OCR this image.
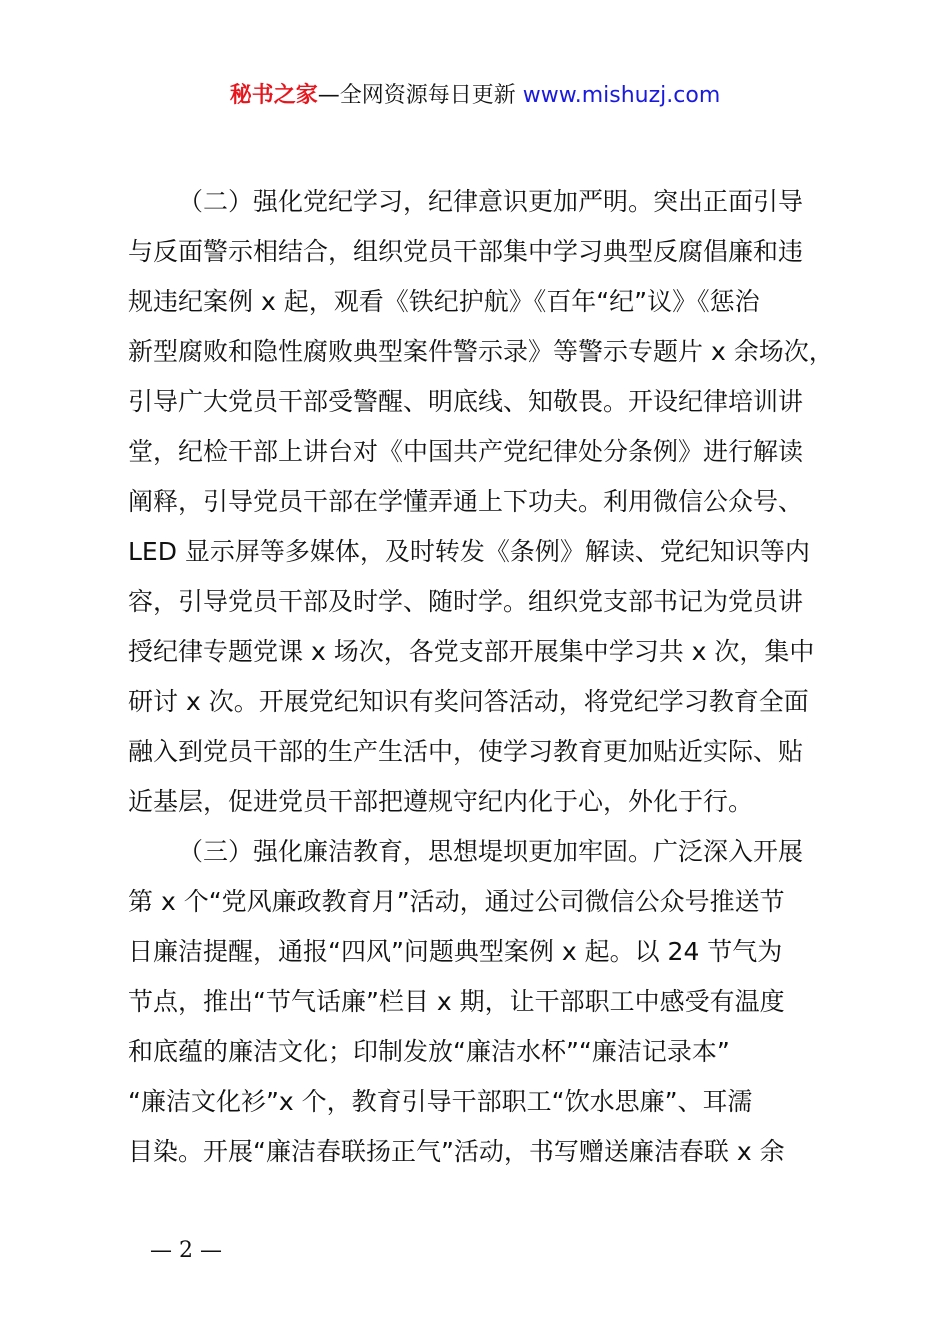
秘书之家—全网资源每日更新 www.mishuzj.com
（二）强化党纪学习，纪律意识更加严明。突出正面引导
与反面警示相结合，组织党员干部集中学习典型反腐倡廉和违
规违纪案例 x 起，观看《铁纪护航》《百年“纪”议》《惩治
新型腐败和隐性腐败典型案件警示录》等警示专题片 x 余场次，
引导广大党员干部受警醒、明底线、知敬畏。开设纪律培训讲
堂，纪检干部上讲台对《中国共产党纪律处分条例》进行解读
阐释，引导党员干部在学懂弄通上下功夫。利用微信公众号、
LED 显示屏等多媒体，及时转发《条例》解读、党纪知识等内
容，引导党员干部及时学、随时学。组织党支部书记为党员讲
授纪律专题党课 x 场次，各党支部开展集中学习共 x 次，集中
研讨 x 次。开展党纪知识有奖问答活动，将党纪学习教育全面
融入到党员干部的生产生活中，使学习教育更加贴近实际、贴
近基层，促进党员干部把遵规守纪内化于心，外化于行。
（三）强化廉洁教育，思想堤坝更加牢固。广泛深入开展
第 x 个“党风廉政教育月”活动，通过公司微信公众号推送节
日廉洁提醒，通报“四风”问题典型案例 x 起。以 24 节气为
节点，推出“节气话廉”栏目 x 期，让干部职工中感受有温度
和底蕴的廉洁文化；印制发放“廉洁水杯”“廉洁记录本”
“廉洁文化衫”x 个，教育引导干部职工“饮水思廉”、耳濡
目染。开展“廉洁春联扬正气”活动，书写赠送廉洁春联 x 余
— 2 —
